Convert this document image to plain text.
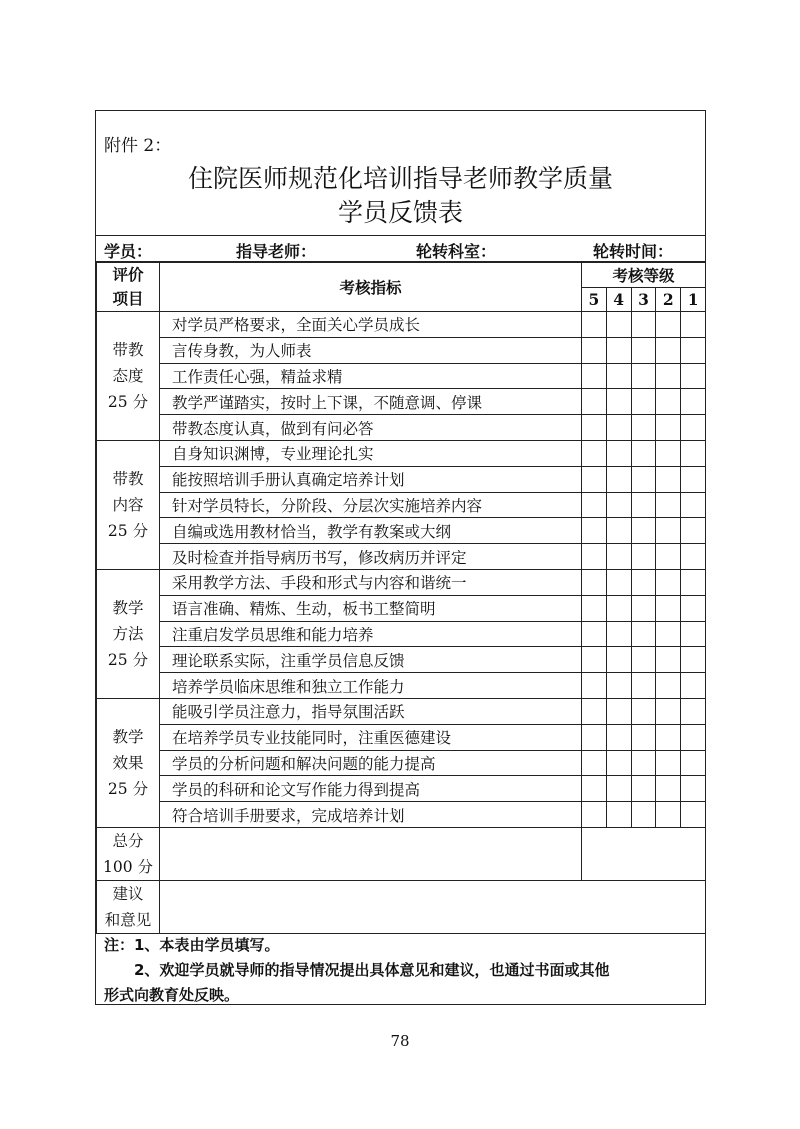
附件 2：
住院医师规范化培训指导老师教学质量
学员反馈表
学员：	指导老师：	轮转科室：	轮转时间：
评价
项目	考核指标	考核等级				
		5	4	3	2	1

带教
态度
25 分	对学员严格要求，全面关心学员成长					
	言传身教，为人师表					
	工作责任心强，精益求精					
	教学严谨踏实，按时上下课，不随意调、停课					
	带教态度认真，做到有问必答					

带教
内容
25 分	自身知识渊博，专业理论扎实					
	能按照培训手册认真确定培养计划					
	针对学员特长，分阶段、分层次实施培养内容					
	自编或选用教材恰当，教学有教案或大纲					
	及时检查并指导病历书写，修改病历并评定					

教学
方法
25 分	采用教学方法、手段和形式与内容和谐统一					
	语言准确、精炼、生动，板书工整简明					
	注重启发学员思维和能力培养					
	理论联系实际，注重学员信息反馈					
	培养学员临床思维和独立工作能力					

教学
效果
25 分	能吸引学员注意力，指导氛围活跃					
	在培养学员专业技能同时，注重医德建设					
	学员的分析问题和解决问题的能力提高					
	学员的科研和论文写作能力得到提高					
	符合培训手册要求，完成培养计划					

总分
100 分						

建议
和意见						

注：1、本表由学员填写。
　　2、欢迎学员就导师的指导情况提出具体意见和建议，也通过书面或其他
形式向教育处反映。
78
